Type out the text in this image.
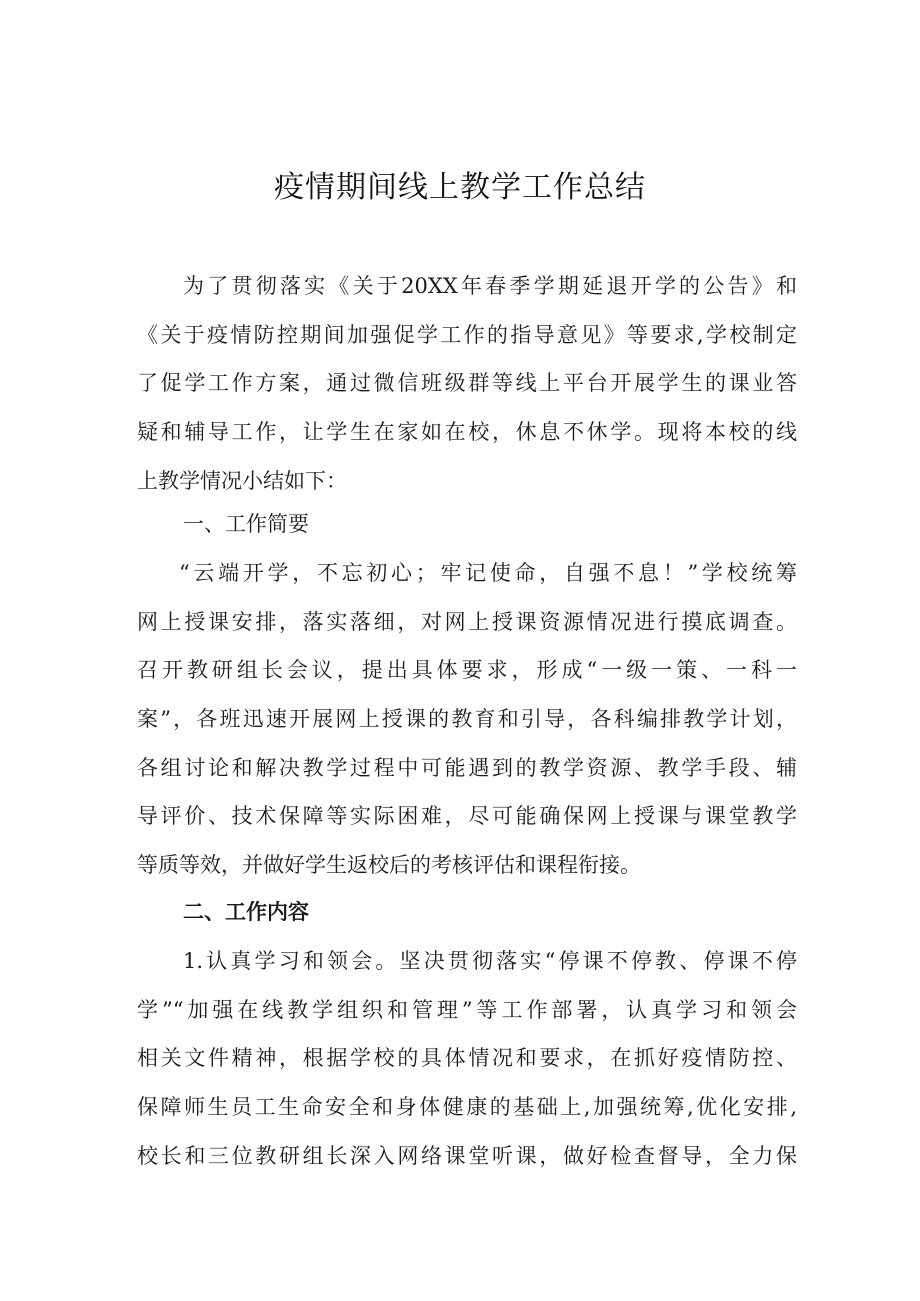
疫情期间线上教学工作总结
为了贯彻落实《关于20XX年春季学期延退开学的公告》和
《关于疫情防控期间加强促学工作的指导意见》等要求,学校制定
了促学工作方案，通过微信班级群等线上平台开展学生的课业答
疑和辅导工作，让学生在家如在校，休息不休学。现将本校的线
上教学情况小结如下：
一、工作简要
“云端开学，不忘初心；牢记使命，自强不息！”学校统筹
网上授课安排，落实落细，对网上授课资源情况进行摸底调查。
召开教研组长会议，提出具体要求，形成“一级一策、一科一
案”，各班迅速开展网上授课的教育和引导，各科编排教学计划，
各组讨论和解决教学过程中可能遇到的教学资源、教学手段、辅
导评价、技术保障等实际困难，尽可能确保网上授课与课堂教学
等质等效，并做好学生返校后的考核评估和课程衔接。
二、工作内容
1.认真学习和领会。坚决贯彻落实“停课不停教、停课不停
学”“加强在线教学组织和管理”等工作部署，认真学习和领会
相关文件精神，根据学校的具体情况和要求，在抓好疫情防控、
保障师生员工生命安全和身体健康的基础上,加强统筹,优化安排,
校长和三位教研组长深入网络课堂听课，做好检查督导，全力保
